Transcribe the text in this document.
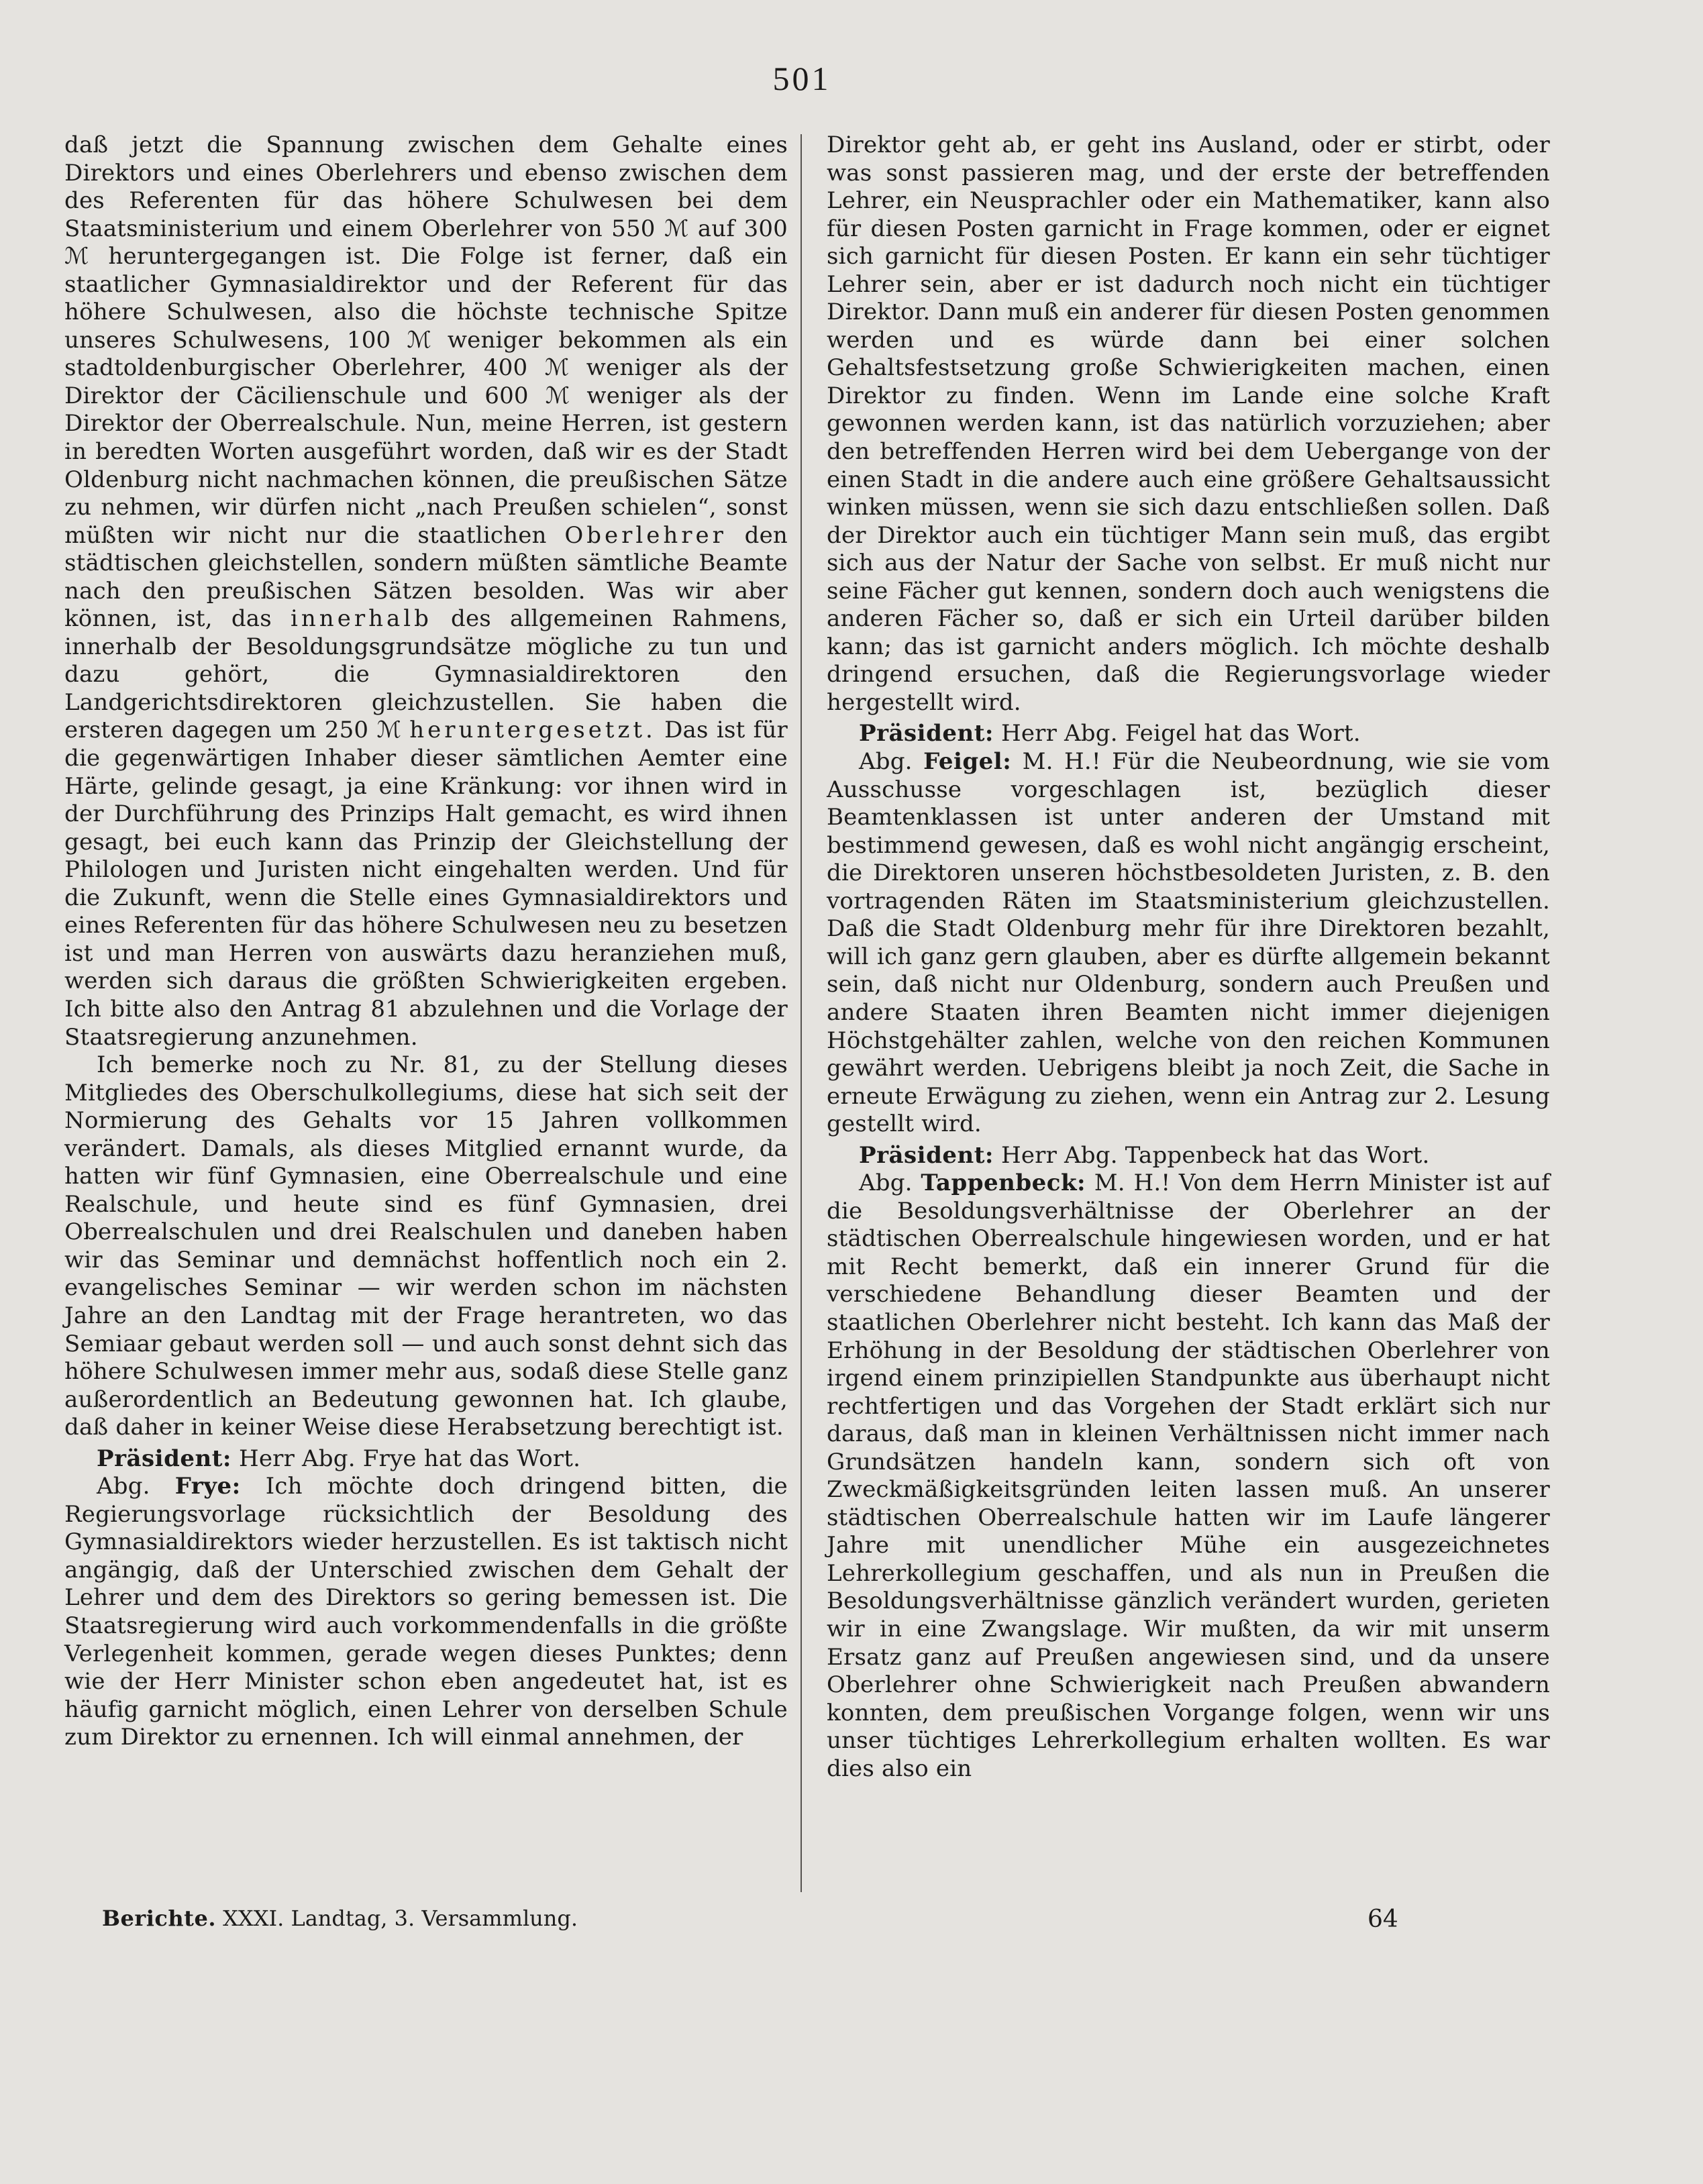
501

daß jetzt die Spannung zwischen dem Gehalte eines Direktors und eines Oberlehrers und ebenso zwischen dem des Referenten für das höhere Schulwesen bei dem Staatsministerium und einem Oberlehrer von 550 ℳ auf 300 ℳ heruntergegangen ist. Die Folge ist ferner, daß ein staatlicher Gymnasialdirektor und der Referent für das höhere Schulwesen, also die höchste technische Spitze unseres Schulwesens, 100 ℳ weniger bekommen als ein stadtoldenburgischer Oberlehrer, 400 ℳ weniger als der Direktor der Cäcilienschule und 600 ℳ weniger als der Direktor der Oberrealschule. Nun, meine Herren, ist gestern in beredten Worten ausgeführt worden, daß wir es der Stadt Oldenburg nicht nachmachen können, die preußischen Sätze zu nehmen, wir dürfen nicht „nach Preußen schielen“, sonst müßten wir nicht nur die staatlichen Oberlehrer den städtischen gleichstellen, sondern müßten sämtliche Beamte nach den preußischen Sätzen besolden. Was wir aber können, ist, das innerhalb des allgemeinen Rahmens, innerhalb der Besoldungsgrundsätze mögliche zu tun und dazu gehört, die Gymnasialdirektoren den Landgerichtsdirektoren gleichzustellen. Sie haben die ersteren dagegen um 250 ℳ heruntergesetzt. Das ist für die gegenwärtigen Inhaber dieser sämtlichen Aemter eine Härte, gelinde gesagt, ja eine Kränkung: vor ihnen wird in der Durchführung des Prinzips Halt gemacht, es wird ihnen gesagt, bei euch kann das Prinzip der Gleichstellung der Philologen und Juristen nicht eingehalten werden. Und für die Zukunft, wenn die Stelle eines Gymnasialdirektors und eines Referenten für das höhere Schulwesen neu zu besetzen ist und man Herren von auswärts dazu heranziehen muß, werden sich daraus die größten Schwierigkeiten ergeben. Ich bitte also den Antrag 81 abzulehnen und die Vorlage der Staatsregierung anzunehmen.

Ich bemerke noch zu Nr. 81, zu der Stellung dieses Mitgliedes des Oberschulkollegiums, diese hat sich seit der Normierung des Gehalts vor 15 Jahren vollkommen verändert. Damals, als dieses Mitglied ernannt wurde, da hatten wir fünf Gymnasien, eine Oberrealschule und eine Realschule, und heute sind es fünf Gymnasien, drei Oberrealschulen und drei Realschulen und daneben haben wir das Seminar und demnächst hoffentlich noch ein 2. evangelisches Seminar — wir werden schon im nächsten Jahre an den Landtag mit der Frage herantreten, wo das Semiaar gebaut werden soll — und auch sonst dehnt sich das höhere Schulwesen immer mehr aus, sodaß diese Stelle ganz außerordentlich an Bedeutung gewonnen hat. Ich glaube, daß daher in keiner Weise diese Herabsetzung berechtigt ist.

Präsident: Herr Abg. Frye hat das Wort.

Abg. Frye: Ich möchte doch dringend bitten, die Regierungsvorlage rücksichtlich der Besoldung des Gymnasialdirektors wieder herzustellen. Es ist taktisch nicht angängig, daß der Unterschied zwischen dem Gehalt der Lehrer und dem des Direktors so gering bemessen ist. Die Staatsregierung wird auch vorkommendenfalls in die größte Verlegenheit kommen, gerade wegen dieses Punktes; denn wie der Herr Minister schon eben angedeutet hat, ist es häufig garnicht möglich, einen Lehrer von derselben Schule zum Direktor zu ernennen. Ich will einmal annehmen, der

Direktor geht ab, er geht ins Ausland, oder er stirbt, oder was sonst passieren mag, und der erste der betreffenden Lehrer, ein Neusprachler oder ein Mathematiker, kann also für diesen Posten garnicht in Frage kommen, oder er eignet sich garnicht für diesen Posten. Er kann ein sehr tüchtiger Lehrer sein, aber er ist dadurch noch nicht ein tüchtiger Direktor. Dann muß ein anderer für diesen Posten genommen werden und es würde dann bei einer solchen Gehaltsfestsetzung große Schwierigkeiten machen, einen Direktor zu finden. Wenn im Lande eine solche Kraft gewonnen werden kann, ist das natürlich vorzuziehen; aber den betreffenden Herren wird bei dem Uebergange von der einen Stadt in die andere auch eine größere Gehaltsaussicht winken müssen, wenn sie sich dazu entschließen sollen. Daß der Direktor auch ein tüchtiger Mann sein muß, das ergibt sich aus der Natur der Sache von selbst. Er muß nicht nur seine Fächer gut kennen, sondern doch auch wenigstens die anderen Fächer so, daß er sich ein Urteil darüber bilden kann; das ist garnicht anders möglich. Ich möchte deshalb dringend ersuchen, daß die Regierungsvorlage wieder hergestellt wird.

Präsident: Herr Abg. Feigel hat das Wort.

Abg. Feigel: M. H.! Für die Neubeordnung, wie sie vom Ausschusse vorgeschlagen ist, bezüglich dieser Beamtenklassen ist unter anderen der Umstand mit bestimmend gewesen, daß es wohl nicht angängig erscheint, die Direktoren unseren höchstbesoldeten Juristen, z. B. den vortragenden Räten im Staatsministerium gleichzustellen. Daß die Stadt Oldenburg mehr für ihre Direktoren bezahlt, will ich ganz gern glauben, aber es dürfte allgemein bekannt sein, daß nicht nur Oldenburg, sondern auch Preußen und andere Staaten ihren Beamten nicht immer diejenigen Höchstgehälter zahlen, welche von den reichen Kommunen gewährt werden. Uebrigens bleibt ja noch Zeit, die Sache in erneute Erwägung zu ziehen, wenn ein Antrag zur 2. Lesung gestellt wird.

Präsident: Herr Abg. Tappenbeck hat das Wort.

Abg. Tappenbeck: M. H.! Von dem Herrn Minister ist auf die Besoldungsverhältnisse der Oberlehrer an der städtischen Oberrealschule hingewiesen worden, und er hat mit Recht bemerkt, daß ein innerer Grund für die verschiedene Behandlung dieser Beamten und der staatlichen Oberlehrer nicht besteht. Ich kann das Maß der Erhöhung in der Besoldung der städtischen Oberlehrer von irgend einem prinzipiellen Standpunkte aus überhaupt nicht rechtfertigen und das Vorgehen der Stadt erklärt sich nur daraus, daß man in kleinen Verhältnissen nicht immer nach Grundsätzen handeln kann, sondern sich oft von Zweckmäßigkeitsgründen leiten lassen muß. An unserer städtischen Oberrealschule hatten wir im Laufe längerer Jahre mit unendlicher Mühe ein ausgezeichnetes Lehrerkollegium geschaffen, und als nun in Preußen die Besoldungsverhältnisse gänzlich verändert wurden, gerieten wir in eine Zwangslage. Wir mußten, da wir mit unserm Ersatz ganz auf Preußen angewiesen sind, und da unsere Oberlehrer ohne Schwierigkeit nach Preußen abwandern konnten, dem preußischen Vorgange folgen, wenn wir uns unser tüchtiges Lehrerkollegium erhalten wollten. Es war dies also ein

Berichte. XXXI. Landtag, 3. Versammlung.	64
